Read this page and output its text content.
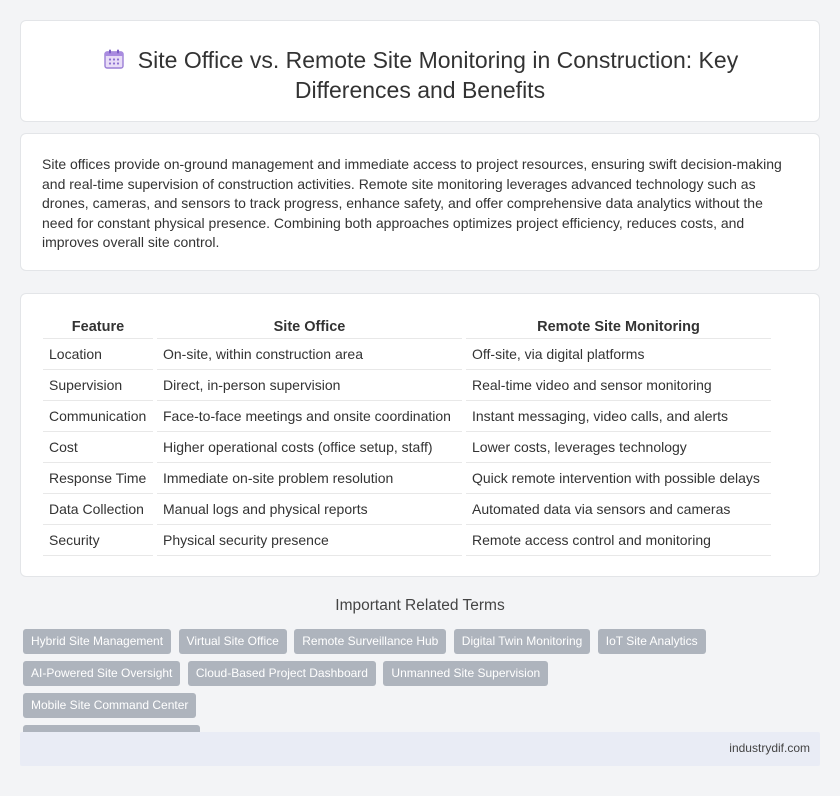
Site Office vs. Remote Site Monitoring in Construction: Key
Differences and Benefits

Site offices provide on-ground management and immediate access to project resources, ensuring swift decision-making and real-time supervision of construction activities. Remote site monitoring leverages advanced technology such as drones, cameras, and sensors to track progress, enhance safety, and offer comprehensive data analytics without the need for constant physical presence. Combining both approaches optimizes project efficiency, reduces costs, and improves overall site control.

Feature		Site Office		Remote Site Monitoring
Location		On-site, within construction area		Off-site, via digital platforms
Supervision		Direct, in-person supervision		Real-time video and sensor monitoring
Communication		Face-to-face meetings and onsite coordination		Instant messaging, video calls, and alerts
Cost		Higher operational costs (office setup, staff)		Lower costs, leverages technology
Response Time		Immediate on-site problem resolution		Quick remote intervention with possible delays
Data Collection		Manual logs and physical reports		Automated data via sensors and cameras
Security		Physical security presence		Remote access control and monitoring
Important Related Terms
Hybrid Site Management Virtual Site Office Remote Surveillance Hub Digital Twin Monitoring IoT Site Analytics
AI-Powered Site Oversight Cloud-Based Project Dashboard Unmanned Site Supervision Mobile Site Command Center

industrydif.com
